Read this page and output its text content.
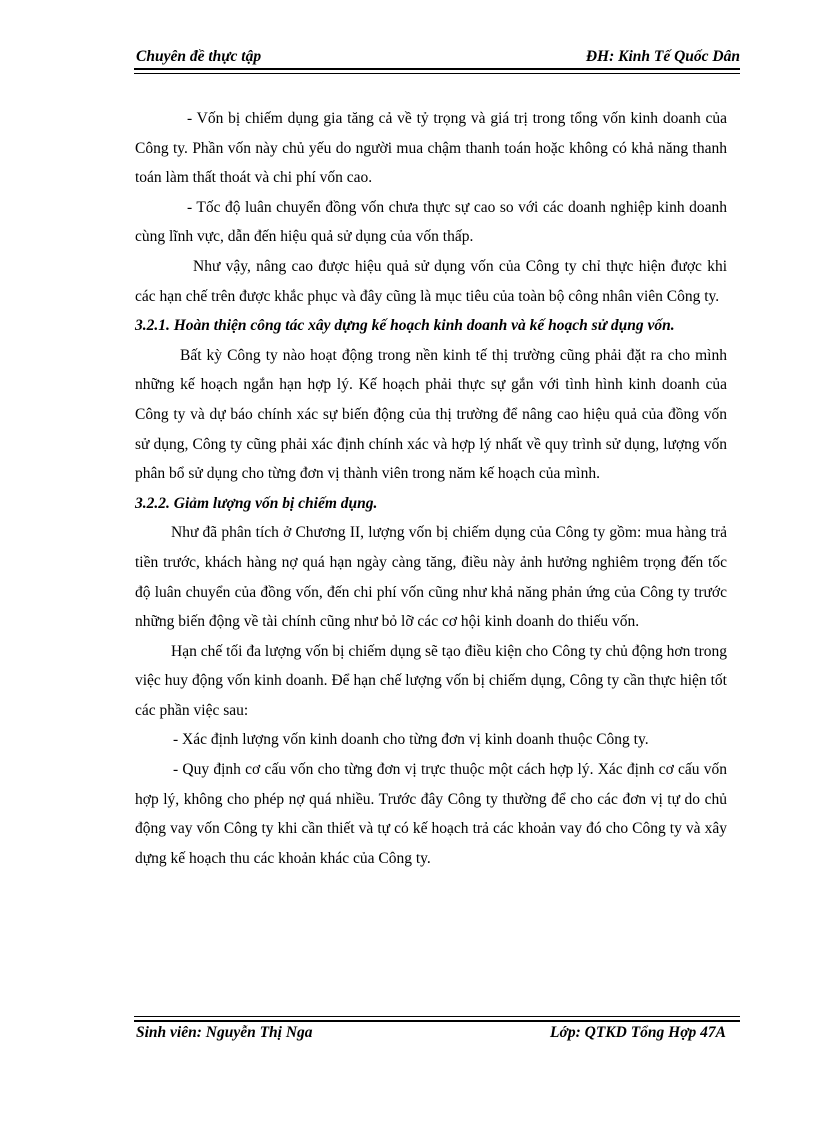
Chuyên đề thực tập	ĐH: Kinh Tế Quốc Dân

- Vốn bị chiếm dụng gia tăng cả về tỷ trọng và giá trị trong tổng vốn kinh doanh của Công ty. Phần vốn này chủ yếu do người mua chậm thanh toán hoặc không có khả năng thanh toán làm thất thoát và chi phí vốn cao.

- Tốc độ luân chuyển đồng vốn chưa thực sự cao so với các doanh nghiệp kinh doanh cùng lĩnh vực, dẫn đến hiệu quả sử dụng của vốn thấp.

Như vậy, nâng cao được hiệu quả sử dụng vốn của Công ty chỉ thực hiện được khi các hạn chế trên được khắc phục và đây cũng là mục tiêu của toàn bộ công nhân viên Công ty.

3.2.1. Hoàn thiện công tác xây dựng kế hoạch kinh doanh và kế hoạch sử dụng vốn.

Bất kỳ Công ty nào hoạt động trong nền kinh tế thị trường cũng phải đặt ra cho mình những kế hoạch ngắn hạn hợp lý. Kế hoạch phải thực sự gắn với tình hình kinh doanh của Công ty và dự báo chính xác sự biến động của thị trường để nâng cao hiệu quả của đồng vốn sử dụng, Công ty cũng phải xác định chính xác và hợp lý nhất về quy trình sử dụng, lượng vốn phân bổ sử dụng cho từng đơn vị thành viên trong năm kế hoạch của mình.

3.2.2. Giảm lượng vốn bị chiếm dụng.

Như đã phân tích ở Chương II, lượng vốn bị chiếm dụng của Công ty gồm: mua hàng trả tiền trước, khách hàng nợ quá hạn ngày càng tăng, điều này ảnh hưởng nghiêm trọng đến tốc độ luân chuyển của đồng vốn, đến chi phí vốn cũng như khả năng phản ứng của Công ty trước những biến động về tài chính cũng như bỏ lỡ các cơ hội kinh doanh do thiếu vốn.

Hạn chế tối đa lượng vốn bị chiếm dụng sẽ tạo điều kiện cho Công ty chủ động hơn trong việc huy động vốn kinh doanh. Để hạn chế lượng vốn bị chiếm dụng, Công ty cần thực hiện tốt các phần việc sau:

- Xác định lượng vốn kinh doanh cho từng đơn vị kinh doanh thuộc Công ty.

- Quy định cơ cấu vốn cho từng đơn vị trực thuộc một cách hợp lý. Xác định cơ cấu vốn hợp lý, không cho phép nợ quá nhiều. Trước đây Công ty thường để cho các đơn vị tự do chủ động vay vốn Công ty khi cần thiết và tự có kế hoạch trả các khoản vay đó cho Công ty và xây dựng kế hoạch thu các khoản khác của Công ty.

Sinh viên: Nguyễn Thị Nga	Lớp: QTKD Tổng Hợp 47A
